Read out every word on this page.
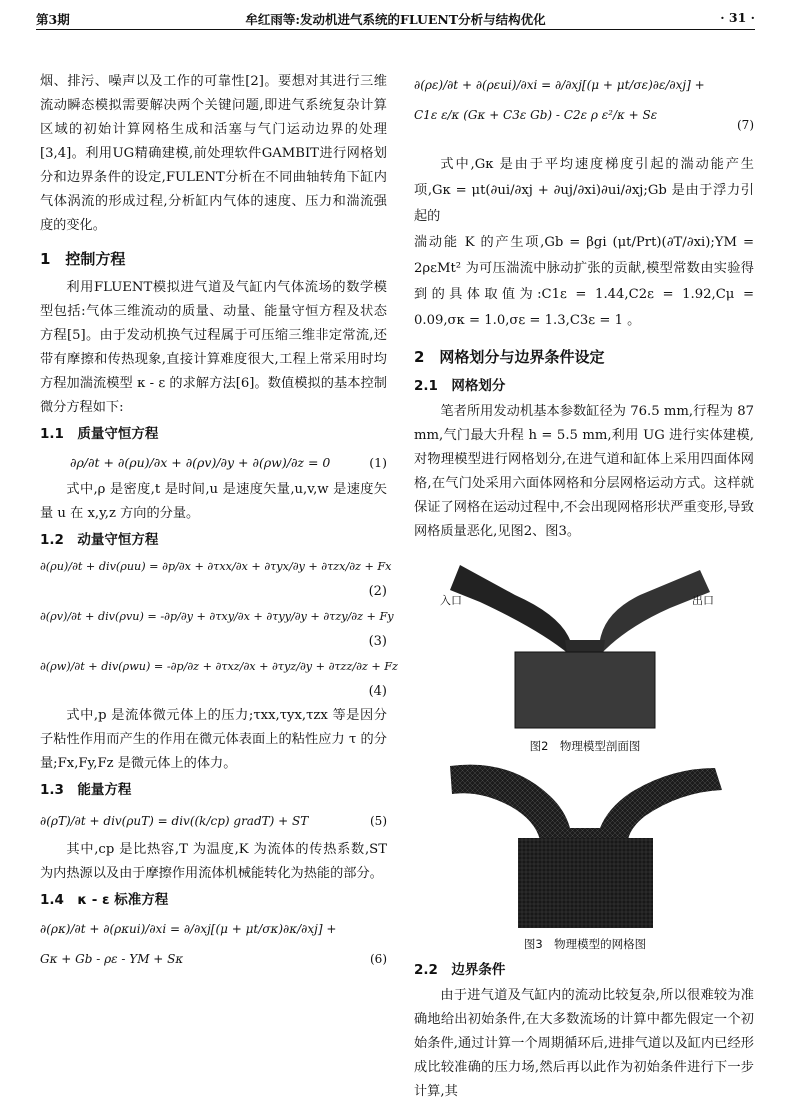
第3期	牟红雨等:发动机进气系统的FLUENT分析与结构优化	· 31 ·

烟、排污、噪声以及工作的可靠性[2]。要想对其进行三维流动瞬态模拟需要解决两个关键问题,即进气系统复杂计算区域的初始计算网格生成和活塞与气门运动边界的处理[3,4]。利用UG精确建模,前处理软件GAMBIT进行网格划分和边界条件的设定,FULENT分析在不同曲轴转角下缸内气体涡流的形成过程,分析缸内气体的速度、压力和湍流强度的变化。

1　控制方程

利用FLUENT模拟进气道及气缸内气体流场的数学模型包括:气体三维流动的质量、动量、能量守恒方程及状态方程[5]。由于发动机换气过程属于可压缩三维非定常流,还带有摩擦和传热现象,直接计算难度很大,工程上常采用时均方程加湍流模型 κ - ε 的求解方法[6]。数值模拟的基本控制微分方程如下:

1.1　质量守恒方程
∂ρ/∂t + ∂(ρu)/∂x + ∂(ρv)/∂y + ∂(ρw)/∂z = 0	(1)

式中,ρ 是密度,t 是时间,u 是速度矢量,u,v,w 是速度矢量 u 在 x,y,z 方向的分量。

1.2　动量守恒方程
∂(ρu)/∂t + div(ρuu) = ∂p/∂x + ∂τxx/∂x + ∂τyx/∂y + ∂τzx/∂z + Fx
(2)
∂(ρv)/∂t + div(ρvu) = -∂p/∂y + ∂τxy/∂x + ∂τyy/∂y + ∂τzy/∂z + Fy
(3)
∂(ρw)/∂t + div(ρwu) = -∂p/∂z + ∂τxz/∂x + ∂τyz/∂y + ∂τzz/∂z + Fz
(4)

式中,p 是流体微元体上的压力;τxx,τyx,τzx 等是因分子粘性作用而产生的作用在微元体表面上的粘性应力 τ 的分量;Fx,Fy,Fz 是微元体上的体力。

1.3　能量方程
∂(ρT)/∂t + div(ρuT) = div((k/cp) gradT) + ST	(5)

其中,cp 是比热容,T 为温度,K 为流体的传热系数,ST 为内热源以及由于摩擦作用流体机械能转化为热能的部分。

1.4　κ - ε 标准方程
∂(ρκ)/∂t + ∂(ρκui)/∂xi = ∂/∂xj[(μ + μt/σκ)∂κ/∂xj] + Gκ + Gb - ρε - YM + Sκ	(6)
∂(ρε)/∂t + ∂(ρεui)/∂xi = ∂/∂xj[(μ + μt/σε)∂ε/∂xj] + C1ε ε/κ (Gκ + C3ε Gb) - C2ε ρ ε²/κ + Sε
(7)

式中,Gκ 是由于平均速度梯度引起的湍动能产生项,Gκ = μt(∂ui/∂xj + ∂uj/∂xi)∂ui/∂xj;Gb 是由于浮力引起的

湍动能 K 的产生项,Gb = βgi (μt/Prt)(∂T/∂xi);YM = 2ρεMt² 为可压湍流中脉动扩张的贡献,模型常数由实验得到的具体取值为:C1ε = 1.44,C2ε = 1.92,Cμ = 0.09,σκ = 1.0,σε = 1.3,C3ε = 1 。

2　网格划分与边界条件设定
2.1　网格划分

笔者所用发动机基本参数缸径为 76.5 mm,行程为 87 mm,气门最大升程 h = 5.5 mm,利用 UG 进行实体建模,对物理模型进行网格划分,在进气道和缸体上采用四面体网格,在气门处采用六面体网格和分层网格运动方式。这样就保证了网格在运动过程中,不会出现网格形状严重变形,导致网格质量恶化,见图2、图3。

入口	出口
图2　物理模型剖面图
图3　物理模型的网格图
2.2　边界条件

由于进气道及气缸内的流动比较复杂,所以很难较为准确地给出初始条件,在大多数流场的计算中都先假定一个初始条件,通过计算一个周期循环后,进排气道以及缸内已经形成比较准确的压力场,然后再以此作为初始条件进行下一步计算,其
